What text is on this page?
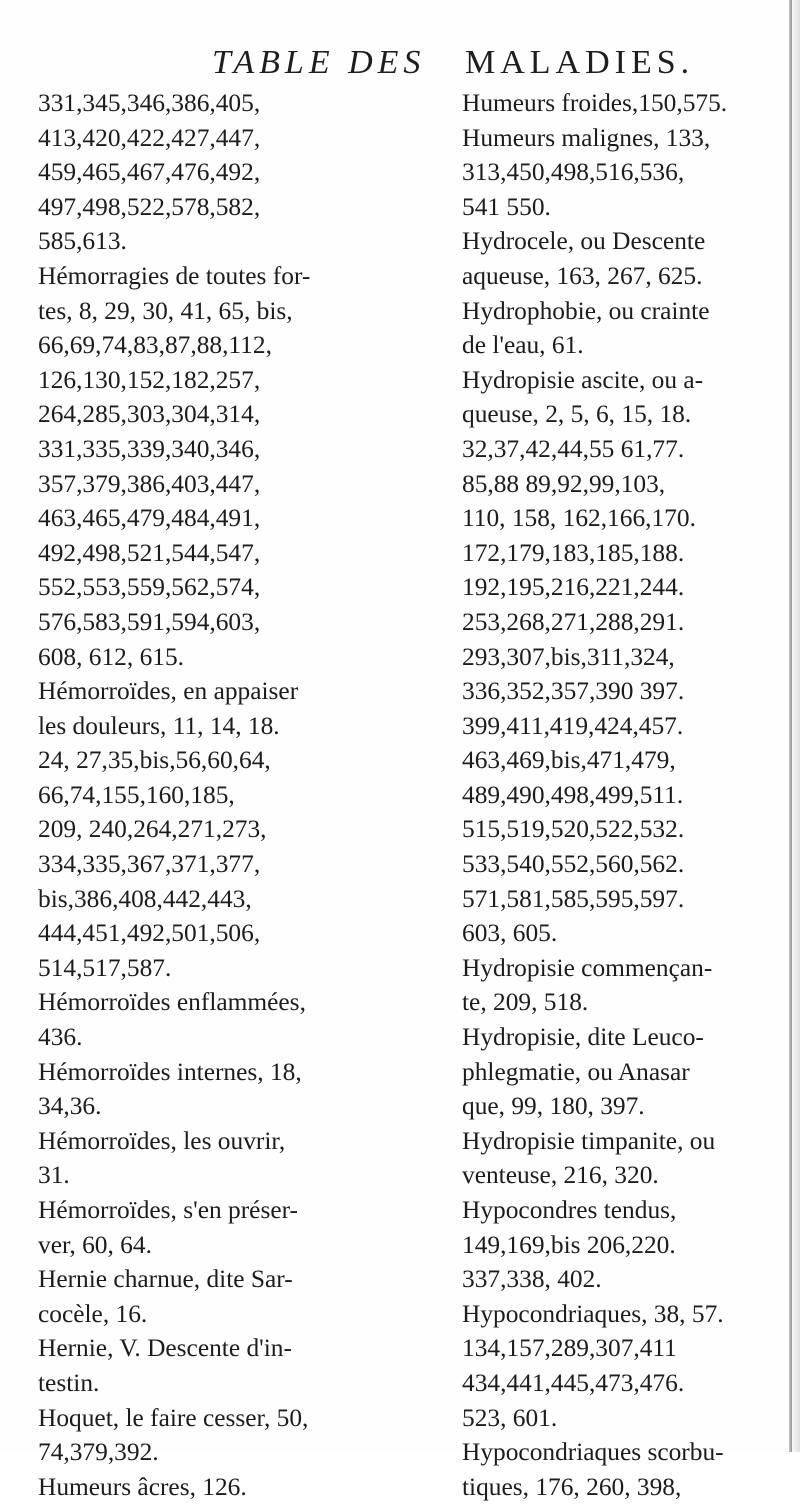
TABLE DES MALADIES.
331,345,346,386,405,
413,420,422,427,447,
459,465,467,476,492,
497,498,522,578,582,
585,613.
Hémorragies de toutes for-
tes, 8, 29, 30, 41, 65, bis,
66,69,74,83,87,88,112,
126,130,152,182,257,
264,285,303,304,314,
331,335,339,340,346,
357,379,386,403,447,
463,465,479,484,491,
492,498,521,544,547,
552,553,559,562,574,
576,583,591,594,603,
608, 612, 615.
Hémorroïdes, en appaiser
les douleurs, 11, 14, 18.
24, 27,35,bis,56,60,64,
66,74,155,160,185,
209, 240,264,271,273,
334,335,367,371,377,
bis,386,408,442,443,
444,451,492,501,506,
514,517,587.
Hémorroïdes enflammées,
436.
Hémorroïdes internes, 18,
34,36.
Hémorroïdes, les ouvrir,
31.
Hémorroïdes, s'en préser-
ver, 60, 64.
Hernie charnue, dite Sar-
cocèle, 16.
Hernie, V. Descente d'in-
testin.
Hoquet, le faire cesser, 50,
74,379,392.
Humeurs âcres, 126.
Humeurs froides,150,575.
Humeurs malignes, 133,
313,450,498,516,536,
541 550.
Hydrocele, ou Descente
aqueuse, 163, 267, 625.
Hydrophobie, ou crainte
de l'eau, 61.
Hydropisie ascite, ou a-
queuse, 2, 5, 6, 15, 18.
32,37,42,44,55 61,77.
85,88 89,92,99,103,
110, 158, 162,166,170.
172,179,183,185,188.
192,195,216,221,244.
253,268,271,288,291.
293,307,bis,311,324,
336,352,357,390 397.
399,411,419,424,457.
463,469,bis,471,479,
489,490,498,499,511.
515,519,520,522,532.
533,540,552,560,562.
571,581,585,595,597.
603, 605.
Hydropisie commençan-
te, 209, 518.
Hydropisie, dite Leuco-
phlegmatie, ou Anasar
que, 99, 180, 397.
Hydropisie timpanite, ou
venteuse, 216, 320.
Hypocondres tendus,
149,169,bis 206,220.
337,338, 402.
Hypocondriaques, 38, 57.
134,157,289,307,411
434,441,445,473,476.
523, 601.
Hypocondriaques scorbu-
tiques, 176, 260, 398,
